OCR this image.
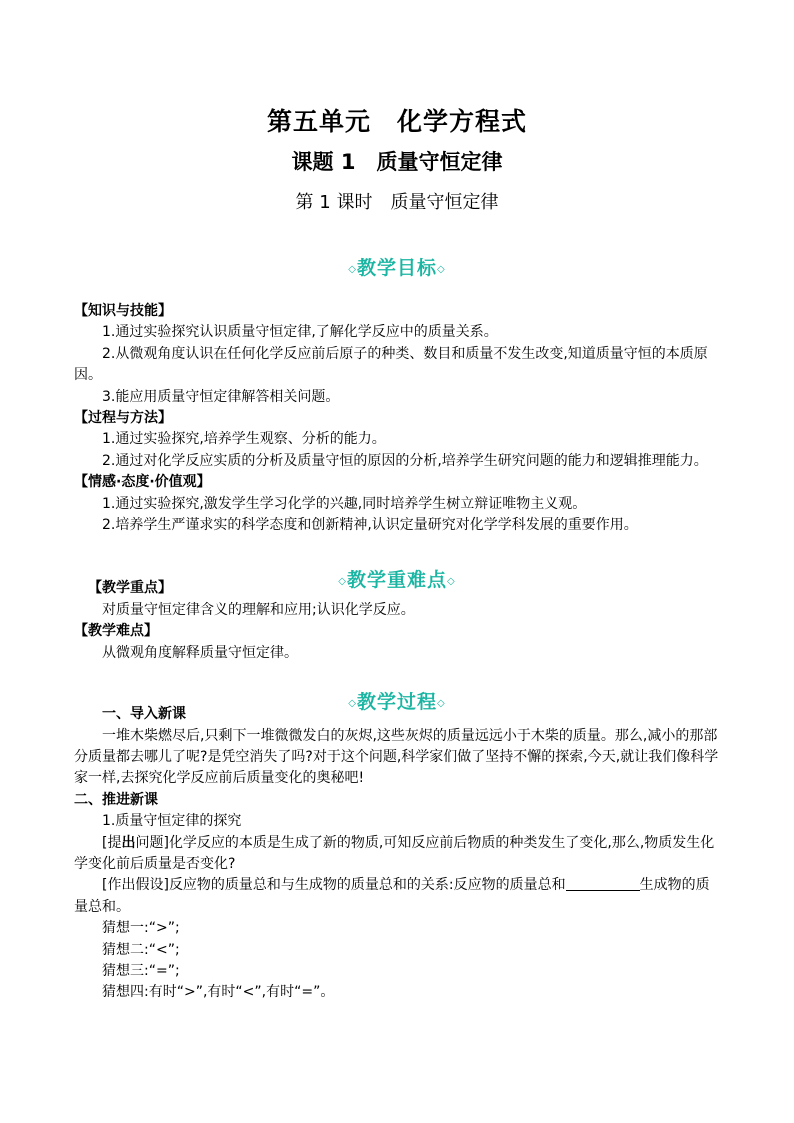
第五单元　化学方程式
课题 1　质量守恒定律
第 1 课时　质量守恒定律
◇教学目标◇
◇教学重难点◇
◇教学过程◇

【知识与技能】

1.通过实验探究认识质量守恒定律,了解化学反应中的质量关系。

2.从微观角度认识在任何化学反应前后原子的种类、数目和质量不发生改变,知道质量守恒的本质原因。

3.能应用质量守恒定律解答相关问题。

【过程与方法】

1.通过实验探究,培养学生观察、分析的能力。

2.通过对化学反应实质的分析及质量守恒的原因的分析,培养学生研究问题的能力和逻辑推理能力。

【情感·态度·价值观】

1.通过实验探究,激发学生学习化学的兴趣,同时培养学生树立辩证唯物主义观。

2.培养学生严谨求实的科学态度和创新精神,认识定量研究对化学学科发展的重要作用。

【教学重点】

对质量守恒定律含义的理解和应用;认识化学反应。

【教学难点】

从微观角度解释质量守恒定律。

一、导入新课

一堆木柴燃尽后,只剩下一堆微微发白的灰烬,这些灰烬的质量远远小于木柴的质量。那么,减小的那部分质量都去哪儿了呢?是凭空消失了吗?对于这个问题,科学家们做了坚持不懈的探索,今天,就让我们像科学家一样,去探究化学反应前后质量变化的奥秘吧!

二、推进新课

1.质量守恒定律的探究

[提出问题]化学反应的本质是生成了新的物质,可知反应前后物质的种类发生了变化,那么,物质发生化学变化前后质量是否变化?

[作出假设]反应物的质量总和与生成物的质量总和的关系:反应物的质量总和	生成物的质量总和。

猜想一:“>”;

猜想二:“<”;

猜想三:“=”;

猜想四:有时“>”,有时“<”,有时“=”。
